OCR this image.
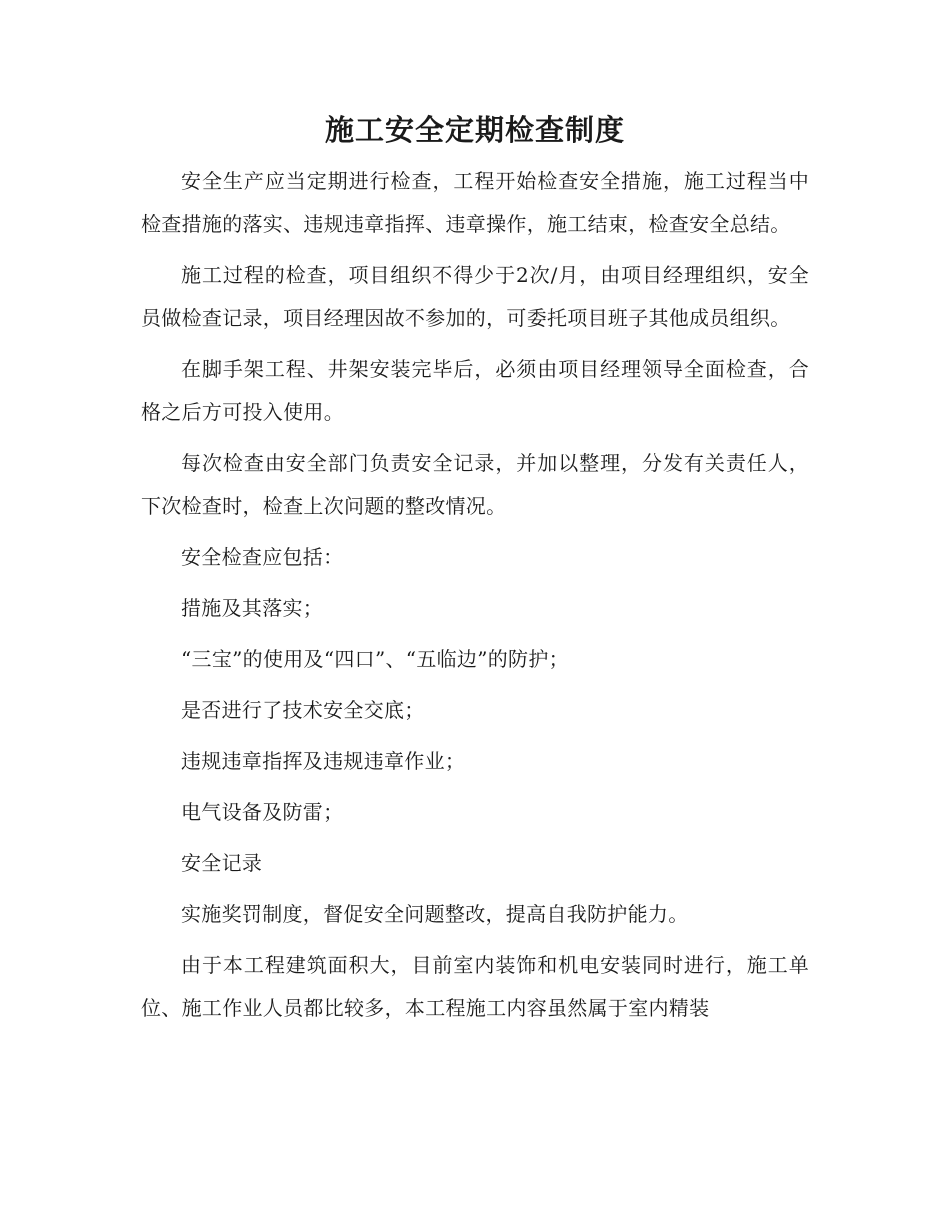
施工安全定期检查制度

安全生产应当定期进行检查，工程开始检查安全措施，施工过程当中检查措施的落实、违规违章指挥、违章操作，施工结束，检查安全总结。

施工过程的检查，项目组织不得少于2次/月，由项目经理组织，安全员做检查记录，项目经理因故不参加的，可委托项目班子其他成员组织。

在脚手架工程、井架安装完毕后，必须由项目经理领导全面检查，合格之后方可投入使用。

每次检查由安全部门负责安全记录，并加以整理，分发有关责任人，下次检查时，检查上次问题的整改情况。

安全检查应包括：

措施及其落实；

“三宝”的使用及“四口”、“五临边”的防护；

是否进行了技术安全交底；

违规违章指挥及违规违章作业；

电气设备及防雷；

安全记录

实施奖罚制度，督促安全问题整改，提高自我防护能力。

由于本工程建筑面积大，目前室内装饰和机电安装同时进行，施工单位、施工作业人员都比较多，本工程施工内容虽然属于室内精装
